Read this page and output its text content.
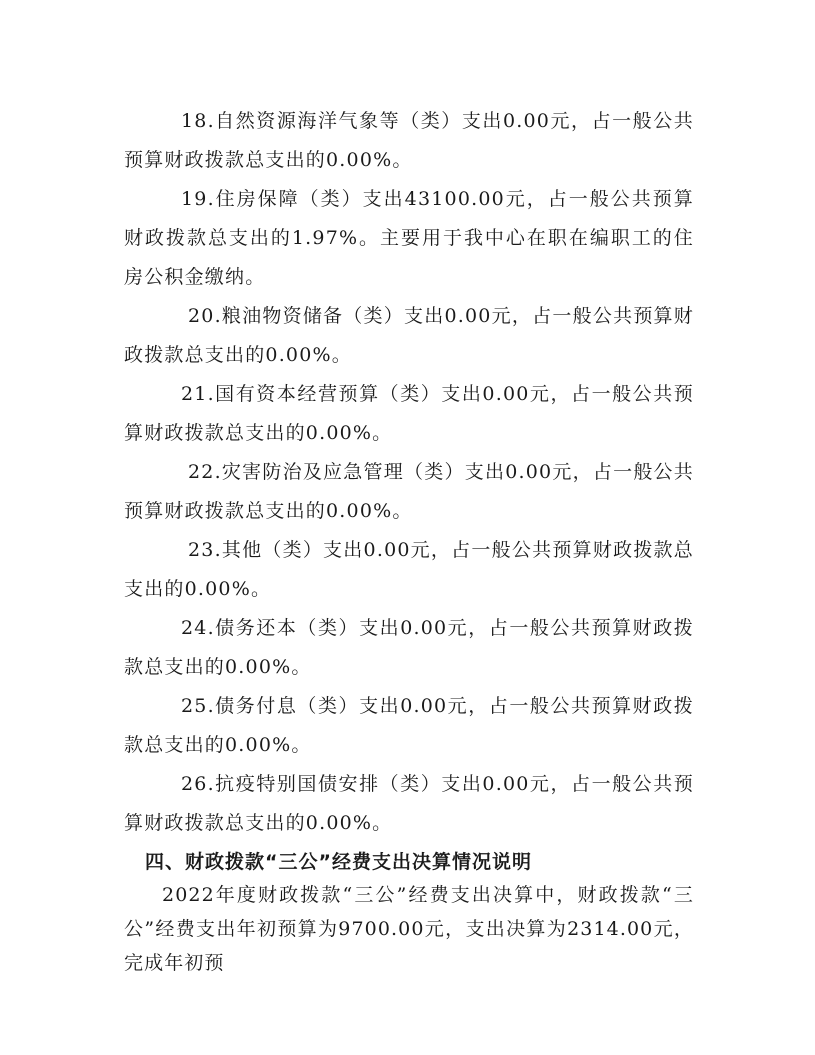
18.自然资源海洋气象等（类）支出0.00元，占一般公共预算财政拨款总支出的0.00%。

19.住房保障（类）支出43100.00元，占一般公共预算财政拨款总支出的1.97%。主要用于我中心在职在编职工的住房公积金缴纳。

20.粮油物资储备（类）支出0.00元，占一般公共预算财政拨款总支出的0.00%。

21.国有资本经营预算（类）支出0.00元，占一般公共预算财政拨款总支出的0.00%。

22.灾害防治及应急管理（类）支出0.00元，占一般公共预算财政拨款总支出的0.00%。

23.其他（类）支出0.00元，占一般公共预算财政拨款总支出的0.00%。

24.债务还本（类）支出0.00元，占一般公共预算财政拨款总支出的0.00%。

25.债务付息（类）支出0.00元，占一般公共预算财政拨款总支出的0.00%。

26.抗疫特别国债安排（类）支出0.00元，占一般公共预算财政拨款总支出的0.00%。

四、财政拨款“三公”经费支出决算情况说明

2022年度财政拨款“三公”经费支出决算中，财政拨款“三公”经费支出年初预算为9700.00元，支出决算为2314.00元，完成年初预
